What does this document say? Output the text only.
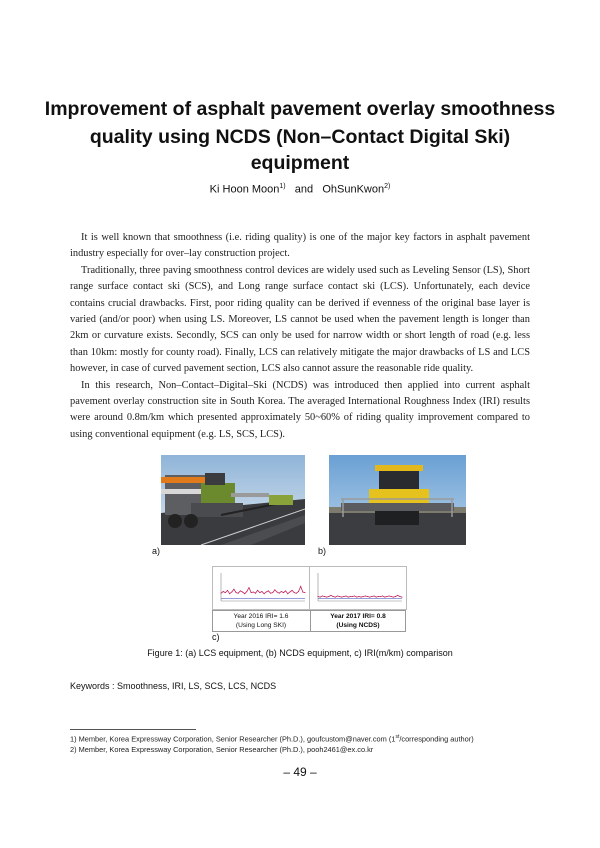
Improvement of asphalt pavement overlay smoothness
quality using NCDS (Non–Contact Digital Ski) equipment
Ki Hoon Moon$^{1)}$ and OhSunKwon$^{2)}$

It is well known that smoothness (i.e. riding quality) is one of the major key factors in asphalt pavement industry especially for over–lay construction project.

Traditionally, three paving smoothness control devices are widely used such as Leveling Sensor (LS), Short range surface contact ski (SCS), and Long range surface contact ski (LCS). Unfortunately, each device contains crucial drawbacks. First, poor riding quality can be derived if evenness of the original base layer is varied (and/or poor) when using LS. Moreover, LS cannot be used when the pavement length is longer than 2km or curvature exists. Secondly, SCS can only be used for narrow width or short length of road (e.g. less than 10km: mostly for county road). Finally, LCS can relatively mitigate the major drawbacks of LS and LCS however, in case of curved pavement section, LCS also cannot assure the reasonable ride quality.

In this research, Non–Contact–Digital–Ski (NCDS) was introduced then applied into current asphalt pavement overlay construction site in South Korea. The averaged International Roughness Index (IRI) results were around 0.8m/km which presented approximately 50~60% of riding quality improvement compared to using conventional equipment (e.g. LS, SCS, LCS).

a)	b)
Year 2016 IRI= 1.6
(Using Long SKI)
Year 2017 IRI= 0.8
(Using NCDS)
c)
Figure 1: (a) LCS equipment, (b) NCDS equipment, c) IRI(m/km) comparison
Keywords : Smoothness, IRI, LS, SCS, LCS, NCDS
1) Member, Korea Expressway Corporation, Senior Researcher (Ph.D.), goufcustom@naver.com (1st/corresponding author)
2) Member, Korea Expressway Corporation, Senior Researcher (Ph.D.), pooh2461@ex.co.kr
– 49 –
